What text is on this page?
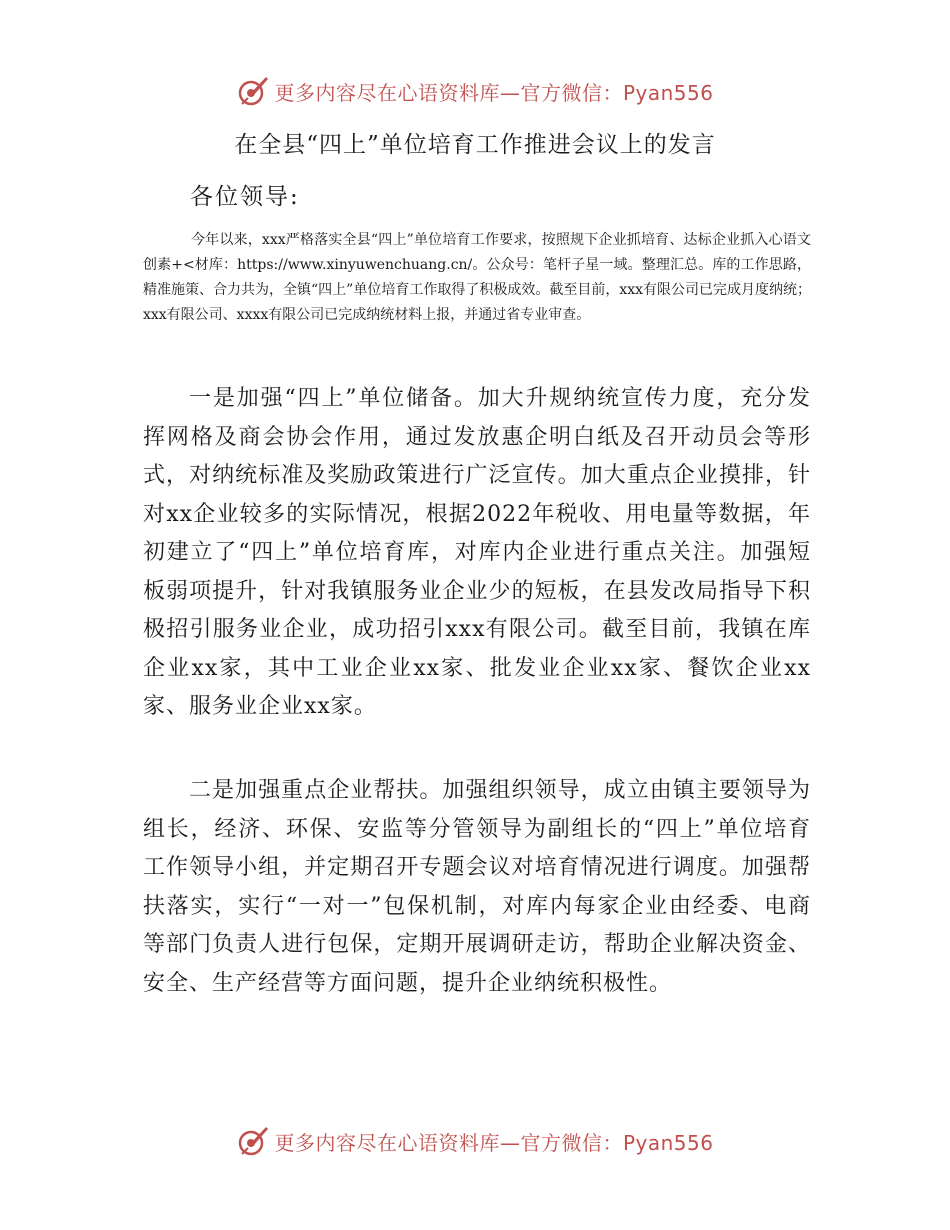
更多内容尽在心语资料库—官方微信：Pyan556
在全县“四上”单位培育工作推进会议上的发言
各位领导:

今年以来，xxx严格落实全县“四上”单位培育工作要求，按照规下企业抓培育、达标企业抓入心语文创素+<材库：https://www.xinyuwenchuang.cn/。公众号：笔杆子星一域。整理汇总。库的工作思路，精准施策、合力共为，全镇“四上”单位培育工作取得了积极成效。截至目前，xxx有限公司已完成月度纳统；xxx有限公司、xxxx有限公司已完成纳统材料上报，并通过省专业审查。

一是加强“四上”单位储备。加大升规纳统宣传力度，充分发挥网格及商会协会作用，通过发放惠企明白纸及召开动员会等形式，对纳统标准及奖励政策进行广泛宣传。加大重点企业摸排，针对xx企业较多的实际情况，根据2022年税收、用电量等数据，年初建立了“四上”单位培育库，对库内企业进行重点关注。加强短板弱项提升，针对我镇服务业企业少的短板，在县发改局指导下积极招引服务业企业，成功招引xxx有限公司。截至目前，我镇在库企业xx家，其中工业企业xx家、批发业企业xx家、餐饮企业xx家、服务业企业xx家。

二是加强重点企业帮扶。加强组织领导，成立由镇主要领导为组长，经济、环保、安监等分管领导为副组长的“四上”单位培育工作领导小组，并定期召开专题会议对培育情况进行调度。加强帮扶落实，实行“一对一”包保机制，对库内每家企业由经委、电商等部门负责人进行包保，定期开展调研走访，帮助企业解决资金、安全、生产经营等方面问题，提升企业纳统积极性。

更多内容尽在心语资料库—官方微信：Pyan556
